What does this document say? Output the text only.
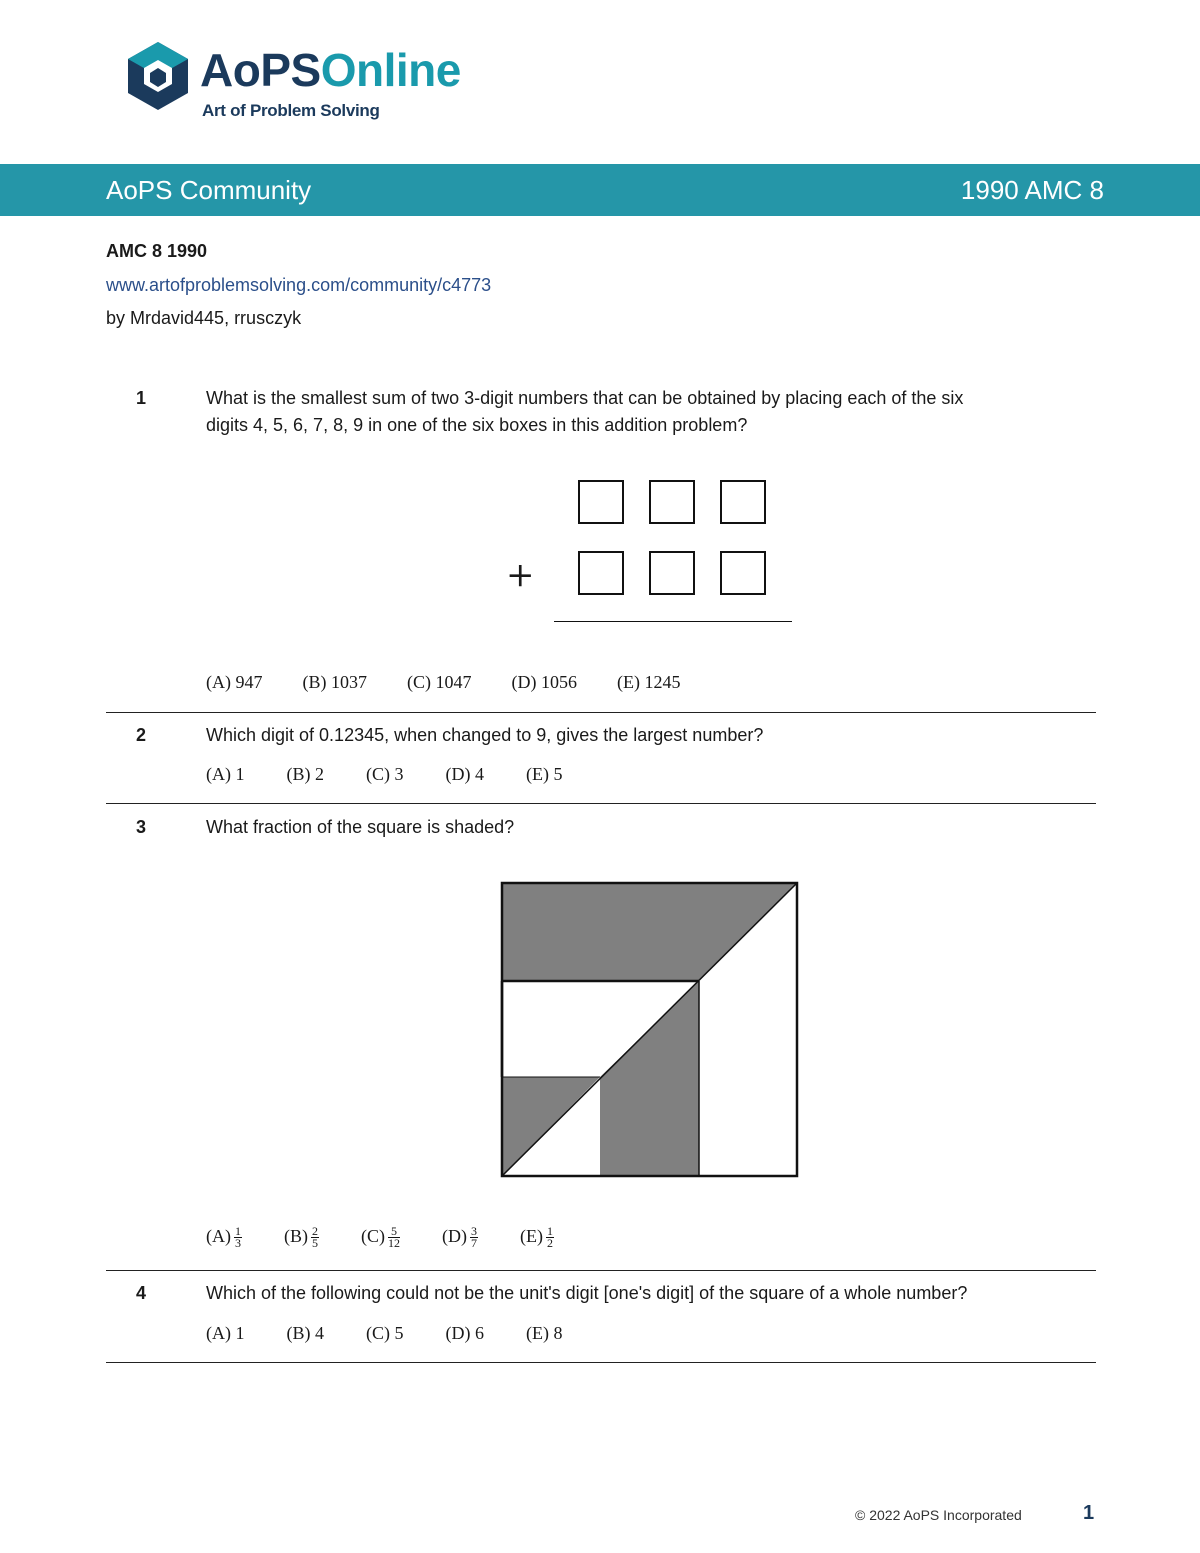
AoPSOnline
Art of Problem Solving
AoPS Community	1990 AMC 8
AMC 8 1990
www.artofproblemsolving.com/community/c4773
by Mrdavid445, rrusczyk
1	What is the smallest sum of two 3-digit numbers that can be obtained by placing each of the six
digits 4, 5, 6, 7, 8, 9 in one of the six boxes in this addition problem?
+
(A) 947 (B) 1037 (C) 1047 (D) 1056 (E) 1245
2	Which digit of 0.12345, when changed to 9, gives the largest number?
(A) 1 (B) 2 (C) 3 (D) 4 (E) 5
3	What fraction of the square is shaded?
$(A) \frac{1}{3} (B) \frac{2}{5} (C) \frac{5}{12} (D) \frac{3}{7} (E) \frac{1}{2}$
4	Which of the following could not be the unit's digit [one's digit] of the square of a whole number?
(A) 1 (B) 4 (C) 5 (D) 6 (E) 8
© 2022 AoPS Incorporated	1
